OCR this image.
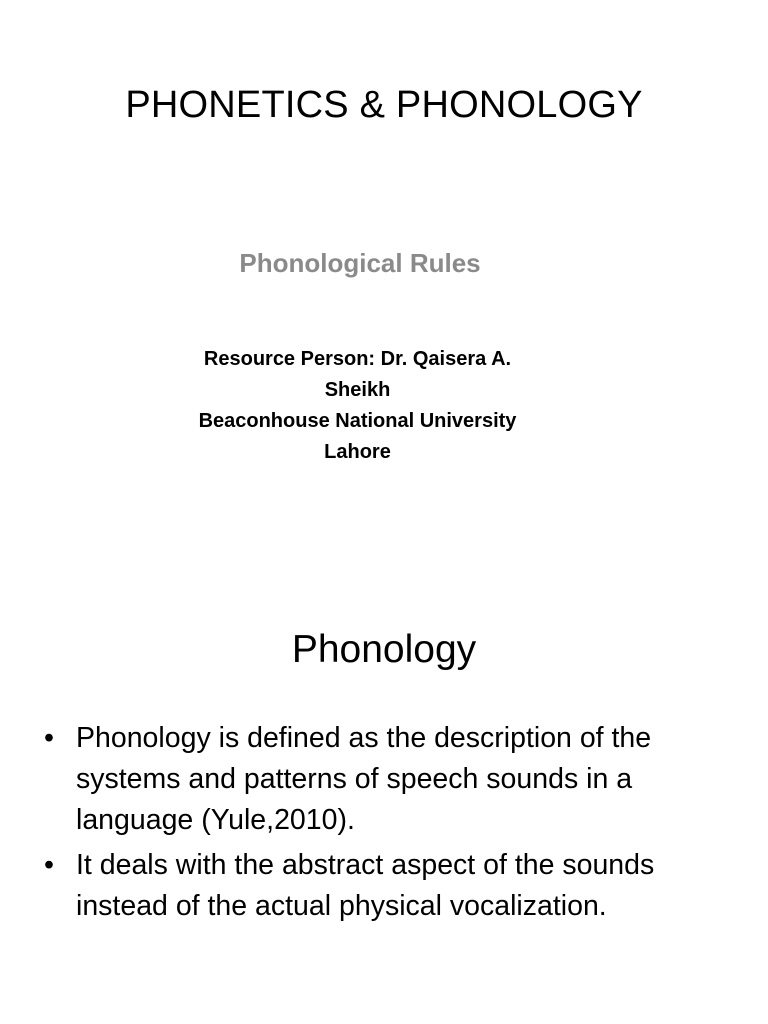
PHONETICS & PHONOLOGY
Phonological Rules
Resource Person: Dr. Qaisera A.
Sheikh
Beaconhouse National University
Lahore
Phonology
• Phonology is defined as the description of the
systems and patterns of speech sounds in a
language (Yule,2010).
• It deals with the abstract aspect of the sounds
instead of the actual physical vocalization.
